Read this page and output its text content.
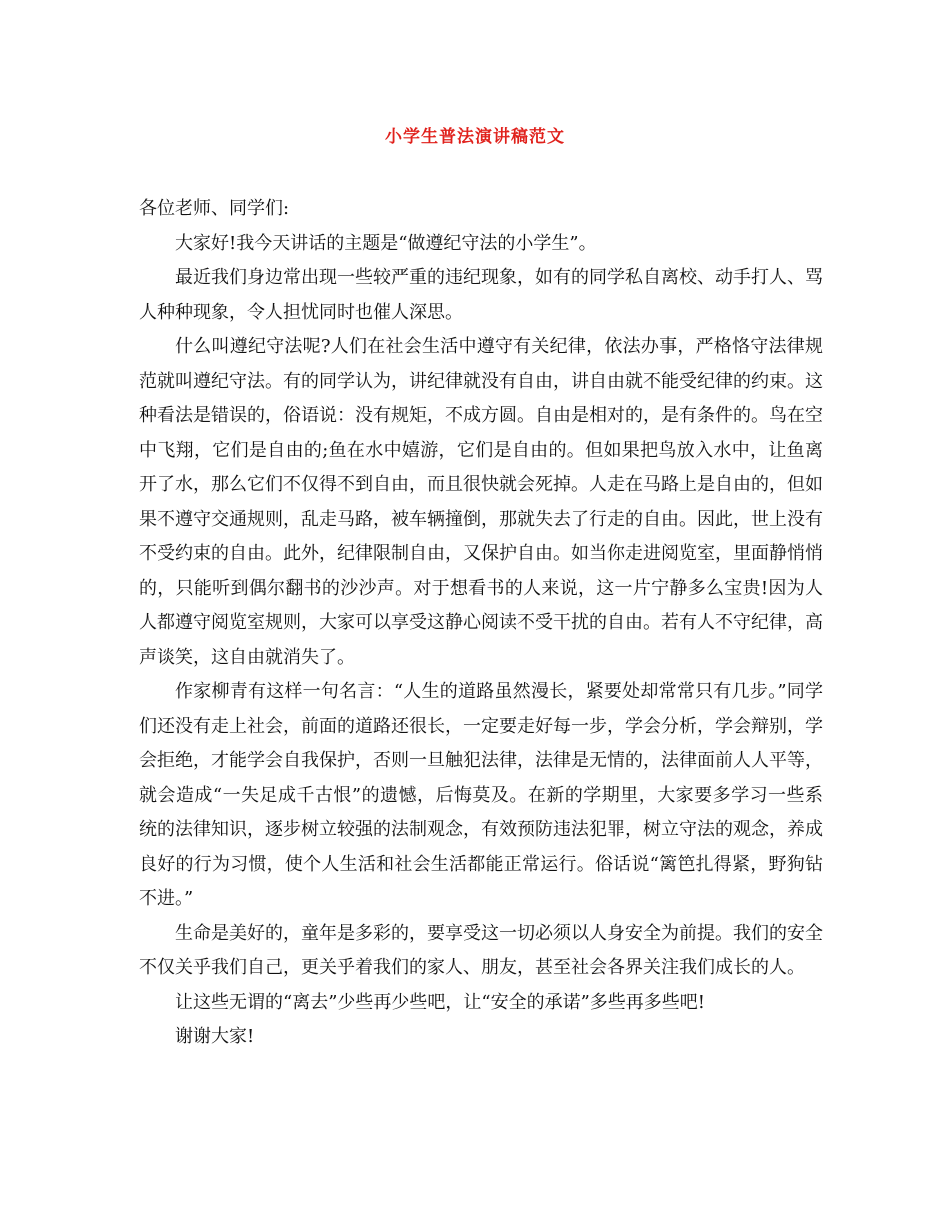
小学生普法演讲稿范文

各位老师、同学们:

大家好!我今天讲话的主题是“做遵纪守法的小学生”。

最近我们身边常出现一些较严重的违纪现象，如有的同学私自离校、动手打人、骂人种种现象，令人担忧同时也催人深思。

什么叫遵纪守法呢?人们在社会生活中遵守有关纪律，依法办事，严格恪守法律规范就叫遵纪守法。有的同学认为，讲纪律就没有自由，讲自由就不能受纪律的约束。这种看法是错误的，俗语说：没有规矩，不成方圆。自由是相对的，是有条件的。鸟在空中飞翔，它们是自由的;鱼在水中嬉游，它们是自由的。但如果把鸟放入水中，让鱼离开了水，那么它们不仅得不到自由，而且很快就会死掉。人走在马路上是自由的，但如果不遵守交通规则，乱走马路，被车辆撞倒，那就失去了行走的自由。因此，世上没有不受约束的自由。此外，纪律限制自由，又保护自由。如当你走进阅览室，里面静悄悄的，只能听到偶尔翻书的沙沙声。对于想看书的人来说，这一片宁静多么宝贵!因为人人都遵守阅览室规则，大家可以享受这静心阅读不受干扰的自由。若有人不守纪律，高声谈笑，这自由就消失了。

作家柳青有这样一句名言：“人生的道路虽然漫长，紧要处却常常只有几步。”同学们还没有走上社会，前面的道路还很长，一定要走好每一步，学会分析，学会辩别，学会拒绝，才能学会自我保护，否则一旦触犯法律，法律是无情的，法律面前人人平等，就会造成“一失足成千古恨”的遗憾，后悔莫及。在新的学期里，大家要多学习一些系统的法律知识，逐步树立较强的法制观念，有效预防违法犯罪，树立守法的观念，养成良好的行为习惯，使个人生活和社会生活都能正常运行。俗话说“篱笆扎得紧，野狗钻不进。”

生命是美好的，童年是多彩的，要享受这一切必须以人身安全为前提。我们的安全不仅关乎我们自己，更关乎着我们的家人、朋友，甚至社会各界关注我们成长的人。

让这些无谓的“离去”少些再少些吧，让“安全的承诺”多些再多些吧!

谢谢大家!
